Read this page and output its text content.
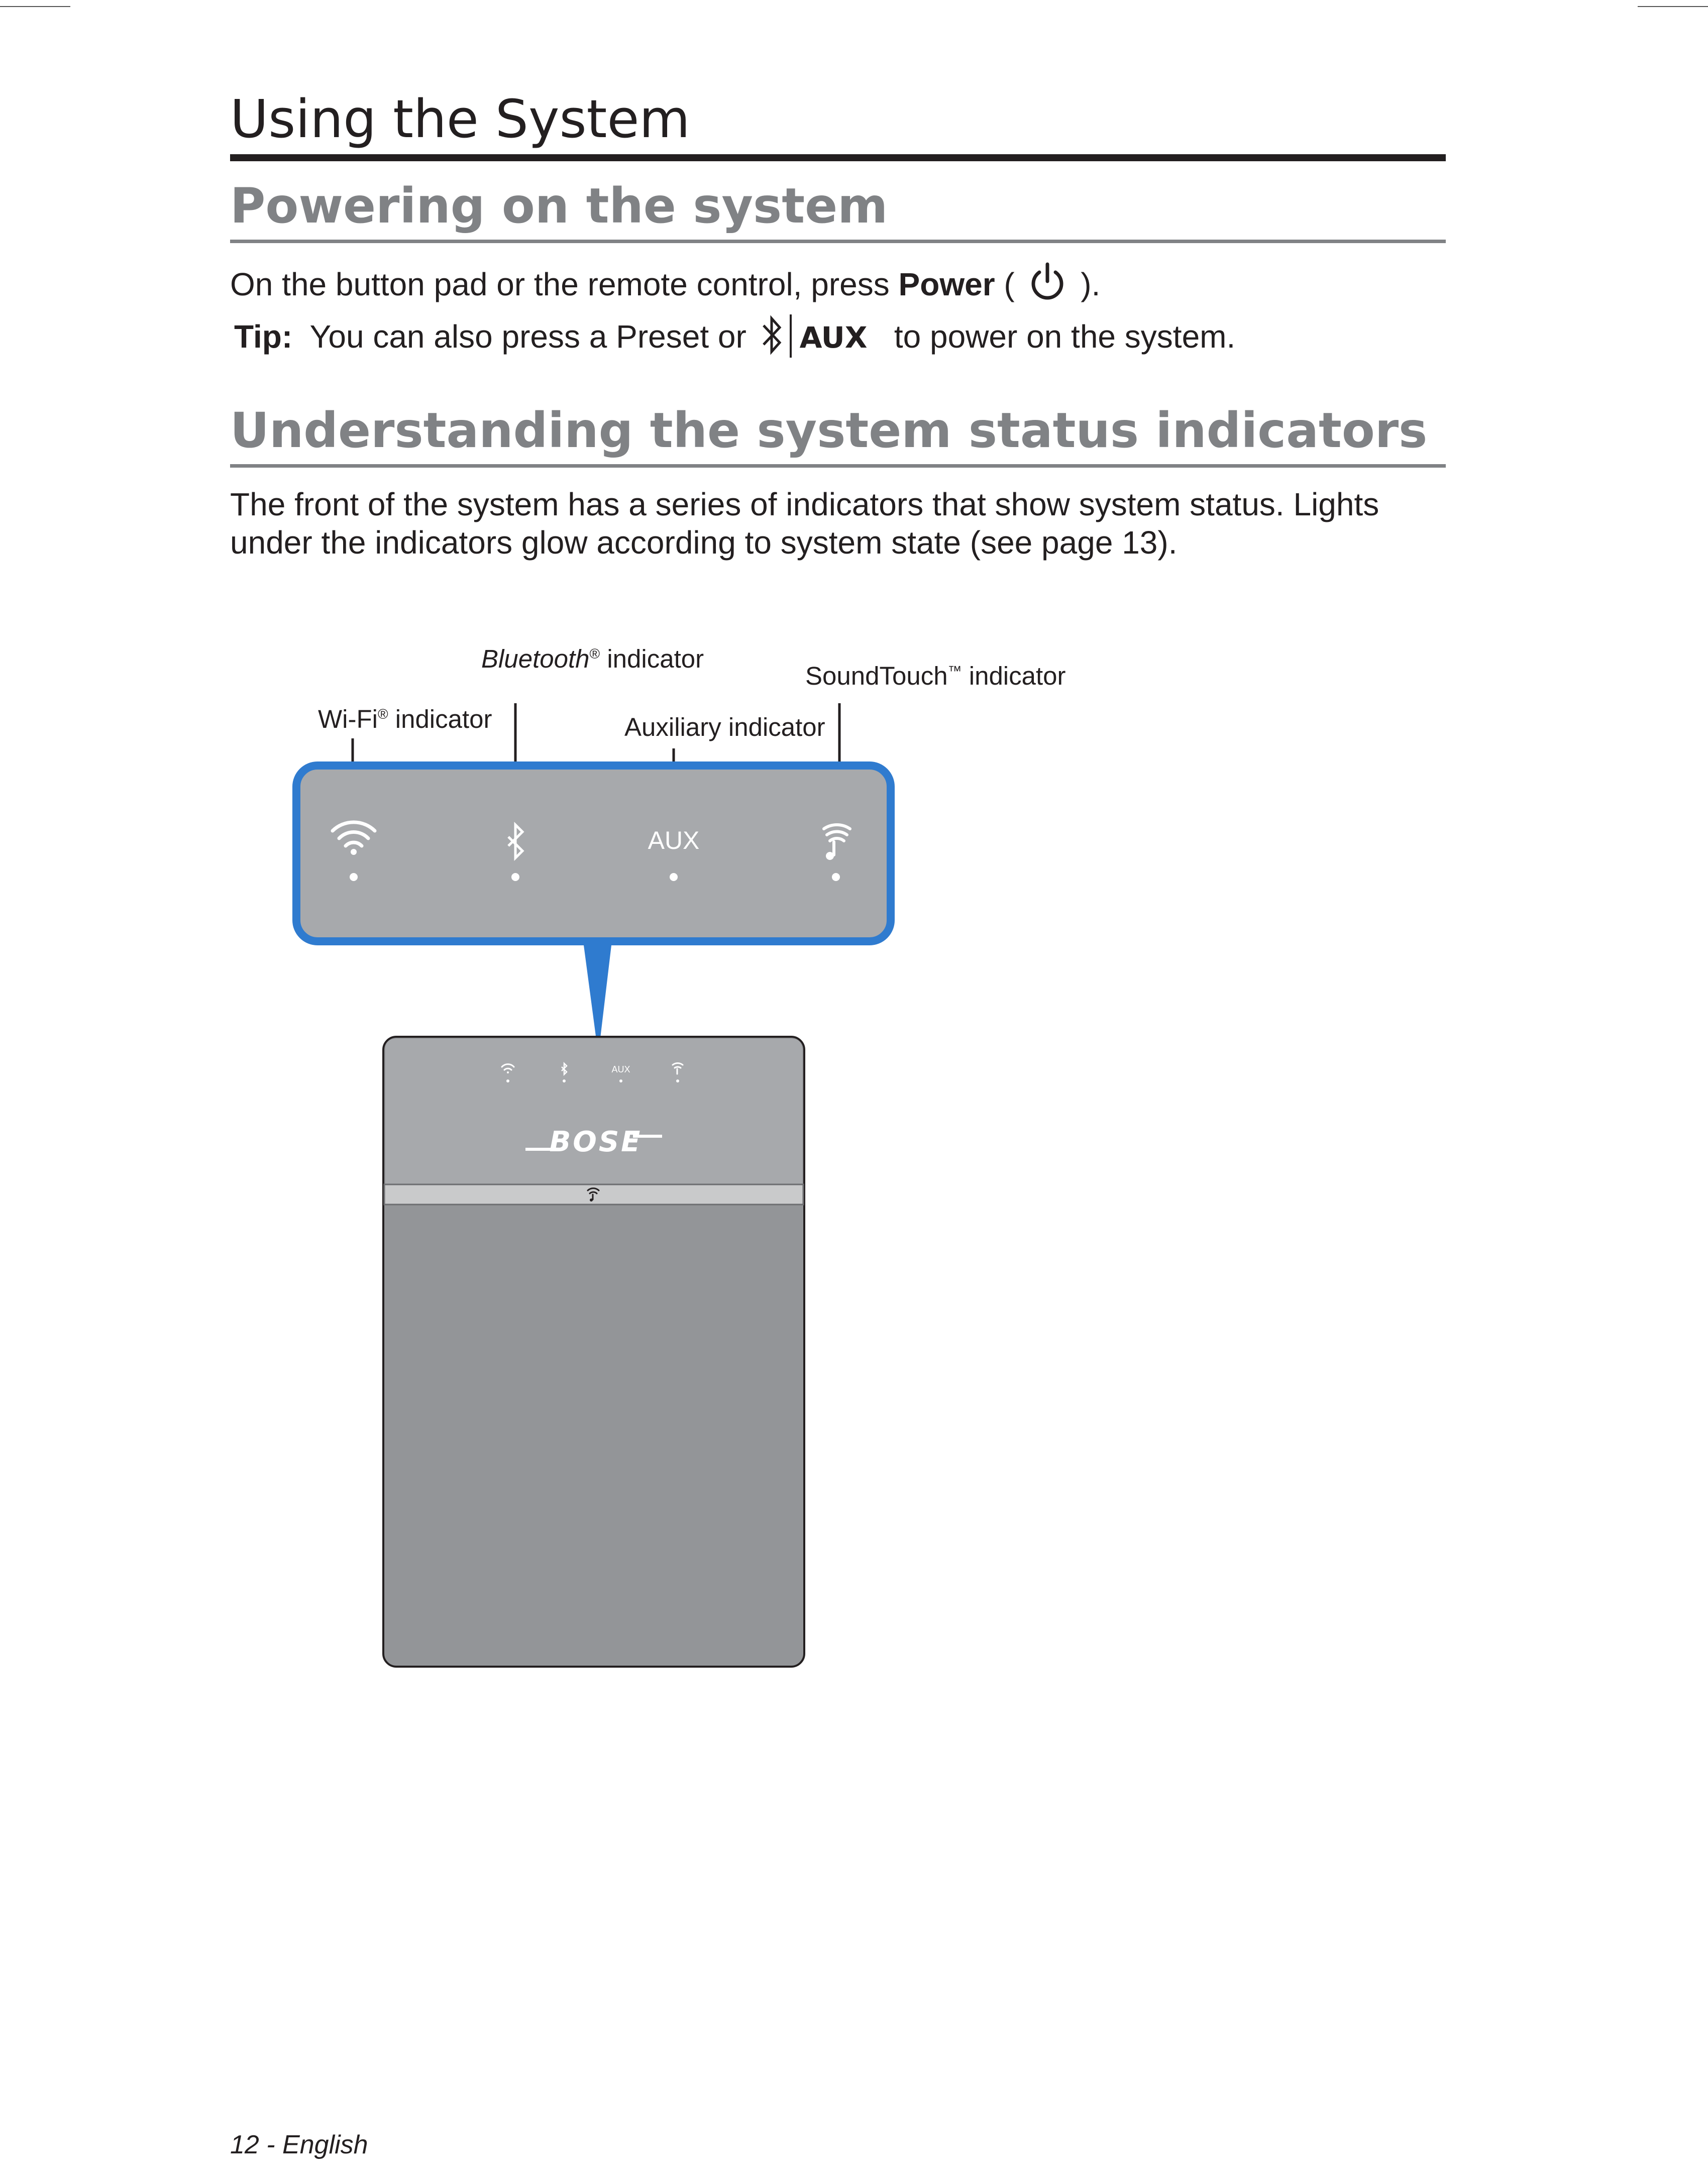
Using the System
Powering on the system

On the button pad or the remote control, press Power (  ).

Tip: You can also press a Preset or AUX to power on the system.

Understanding the system status indicators

The front of the system has a series of indicators that show system status. Lights under the indicators glow according to system state (see page 13).

Bluetooth® indicator

SoundTouch™ indicator

Wi-Fi® indicator	Auxiliary indicator

AUX
AUX
BOSE
12 - English
